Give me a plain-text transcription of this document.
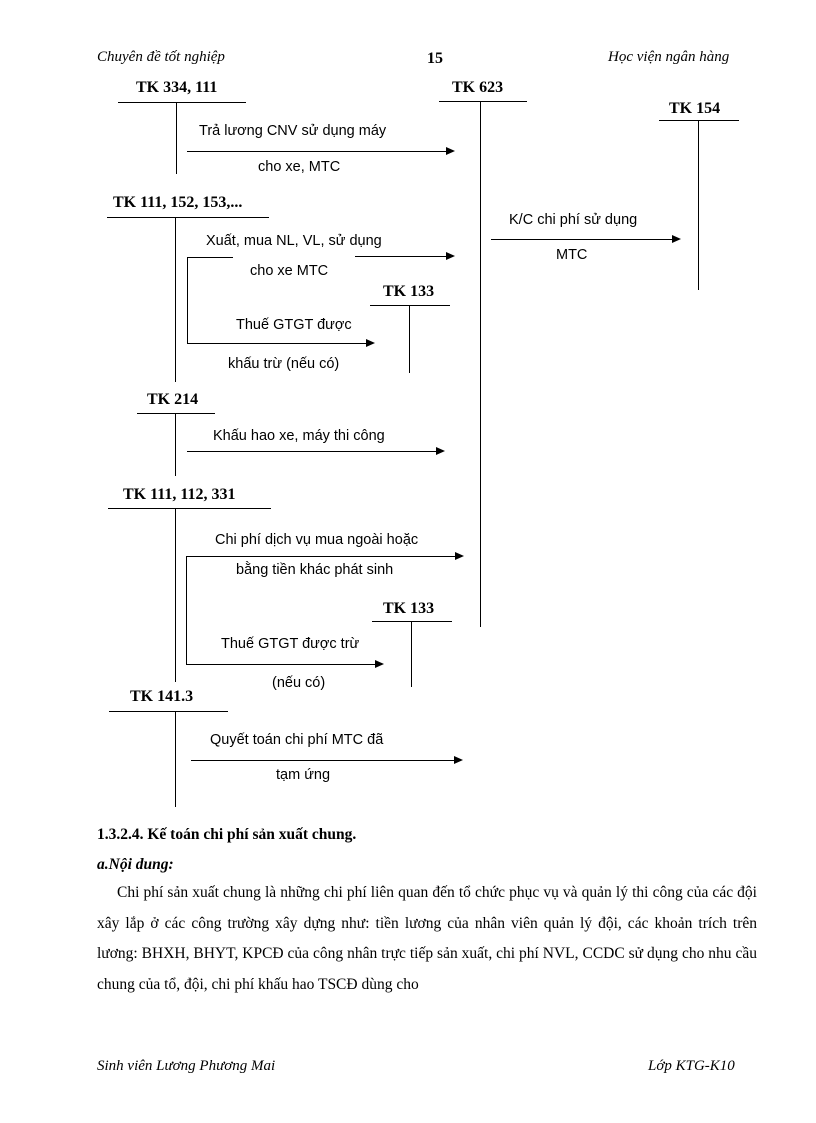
Chuyên đề tốt nghiệp	15	Học viện ngân hàng
TK 334, 111
Trả lương CNV sử dụng máy
cho xe, MTC
TK 623
TK 154
K/C chi phí sử dụng
MTC
TK 111, 152, 153,...
Xuất, mua NL, VL, sử dụng
cho xe MTC
TK 133
Thuế GTGT được
khấu trừ (nếu có)
TK 214
Khấu hao xe, máy thi công
TK 111, 112, 331
Chi phí dịch vụ mua ngoài hoặc
bằng tiền khác phát sinh
TK 133
Thuế GTGT được trừ
(nếu có)
TK 141.3
Quyết toán chi phí MTC đã
tạm ứng
1.3.2.4. Kế toán chi phí sản xuất chung.
a.Nội dung:

Chi phí sản xuất chung là những chi phí liên quan đến tổ chức phục vụ và quản lý thi công của các đội xây lắp ở các công trường xây dựng như: tiền lương của nhân viên quản lý đội, các khoản trích trên lương: BHXH, BHYT, KPCĐ của công nhân trực tiếp sản xuất, chi phí NVL, CCDC sử dụng cho nhu cầu chung của tổ, đội, chi phí khấu hao TSCĐ dùng cho

Sinh viên Lương Phương Mai	Lớp KTG-K10
